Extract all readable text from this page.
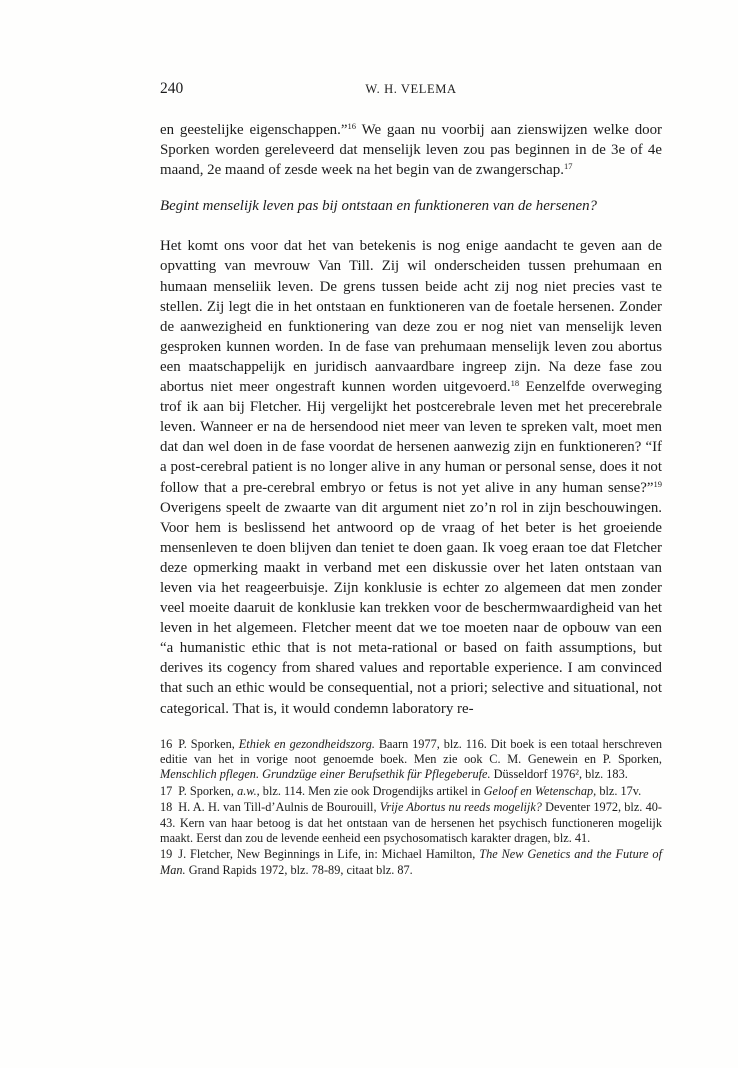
240	W. H. VELEMA

en geestelijke eigenschappen.”$^{16}$ We gaan nu voorbij aan zienswijzen welke door Sporken worden gereleveerd dat menselijk leven zou pas beginnen in de 3e of 4e maand, 2e maand of zesde week na het begin van de zwangerschap.$^{17}$

Begint menselijk leven pas bij ontstaan en funktioneren van de hersenen?

Het komt ons voor dat het van betekenis is nog enige aandacht te geven aan de opvatting van mevrouw Van Till. Zij wil onderscheiden tussen prehumaan en humaan menseliik leven. De grens tussen beide acht zij nog niet precies vast te stellen. Zij legt die in het ontstaan en funktioneren van de foetale hersenen. Zonder de aanwezigheid en funktionering van deze zou er nog niet van menselijk leven gesproken kunnen worden. In de fase van prehumaan menselijk leven zou abortus een maatschappelijk en juridisch aanvaardbare ingreep zijn. Na deze fase zou abortus niet meer ongestraft kunnen worden uitgevoerd.$^{18}$ Eenzelfde overweging trof ik aan bij Fletcher. Hij vergelijkt het postcerebrale leven met het precerebrale leven. Wanneer er na de hersendood niet meer van leven te spreken valt, moet men dat dan wel doen in de fase voordat de hersenen aanwezig zijn en funktioneren? “If a post-cerebral patient is no longer alive in any human or personal sense, does it not follow that a pre-cerebral embryo or fetus is not yet alive in any human sense?”$^{19}$ Overigens speelt de zwaarte van dit argument niet zo’n rol in zijn beschouwingen. Voor hem is beslissend het antwoord op de vraag of het beter is het groeiende mensenleven te doen blijven dan teniet te doen gaan. Ik voeg eraan toe dat Fletcher deze opmerking maakt in verband met een diskussie over het laten ontstaan van leven via het reageerbuisje. Zijn konklusie is echter zo algemeen dat men zonder veel moeite daaruit de konklusie kan trekken voor de beschermwaardigheid van het leven in het algemeen. Fletcher meent dat we toe moeten naar de opbouw van een “a humanistic ethic that is not meta-rational or based on faith assumptions, but derives its cogency from shared values and reportable experience. I am convinced that such an ethic would be consequential, not a priori; selective and situational, not categorical. That is, it would condemn laboratory re-

16 P. Sporken, Ethiek en gezondheidszorg. Baarn 1977, blz. 116. Dit boek is een totaal herschreven editie van het in vorige noot genoemde boek. Men zie ook C. M. Genewein en P. Sporken, Menschlich pflegen. Grundzüge einer Berufsethik für Pflegeberufe. Düsseldorf 1976², blz. 183.

17 P. Sporken, a.w., blz. 114. Men zie ook Drogendijks artikel in Geloof en Wetenschap, blz. 17v.

18 H. A. H. van Till-d’Aulnis de Bourouill, Vrije Abortus nu reeds mogelijk? Deventer 1972, blz. 40-43. Kern van haar betoog is dat het ontstaan van de hersenen het psychisch functioneren mogelijk maakt. Eerst dan zou de levende eenheid een psychosomatisch karakter dragen, blz. 41.

19 J. Fletcher, New Beginnings in Life, in: Michael Hamilton, The New Genetics and the Future of Man. Grand Rapids 1972, blz. 78-89, citaat blz. 87.
